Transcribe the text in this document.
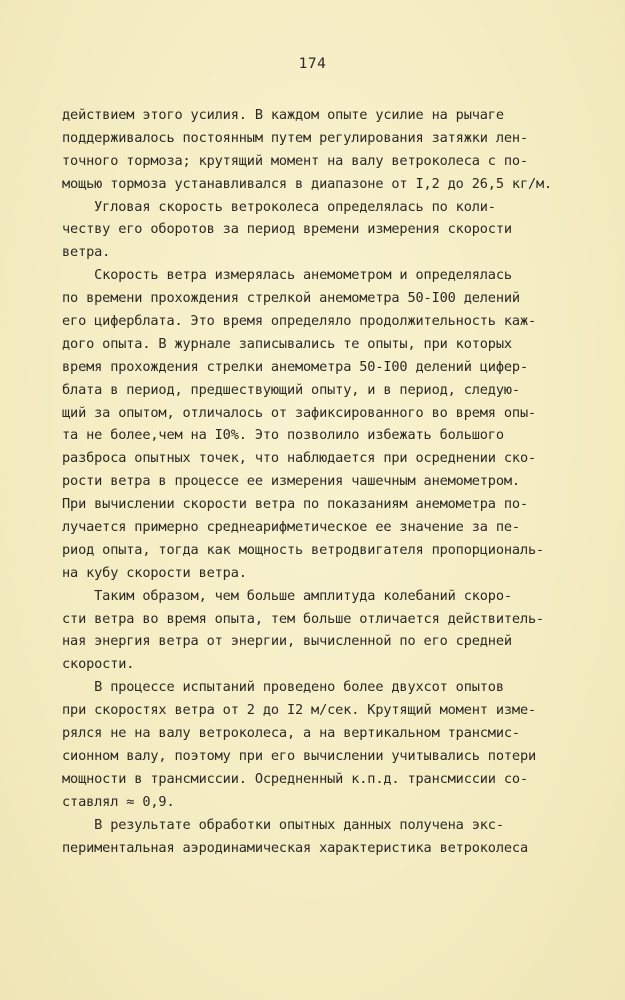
174
действием этого усилия. В каждом опыте усилие на рычаге
поддерживалось постоянным путем регулирования затяжки лен-
точного тормоза; крутящий момент на валу ветроколеса с по-
мощью тормоза устанавливался в диапазоне от I,2 до 26,5 кг/м.
Угловая скорость ветроколеса определялась по коли-
честву его оборотов за период времени измерения скорости
ветра.
Скорость ветра измерялась анемометром и определялась
по времени прохождения стрелкой анемометра 50-I00 делений
его циферблата. Это время определяло продолжительность каж-
дого опыта. В журнале записывались те опыты, при которых
время прохождения стрелки анемометра 50-I00 делений цифер-
блата в период, предшествующий опыту, и в период, следую-
щий за опытом, отличалось от зафиксированного во время опы-
та не более,чем на I0%. Это позволило избежать большого
разброса опытных точек, что наблюдается при осреднении ско-
рости ветра в процессе ее измерения чашечным анемометром.
При вычислении скорости ветра по показаниям анемометра по-
лучается примерно среднеарифметическое ее значение за пе-
риод опыта, тогда как мощность ветродвигателя пропорциональ-
на кубу скорости ветра.
Таким образом, чем больше амплитуда колебаний скоро-
сти ветра во время опыта, тем больше отличается действитель-
ная энергия ветра от энергии, вычисленной по его средней
скорости.
В процессе испытаний проведено более двухсот опытов
при скоростях ветра от 2 до I2 м/сек. Крутящий момент изме-
рялся не на валу ветроколеса, а на вертикальном трансмис-
сионном валу, поэтому при его вычислении учитывались потери
мощности в трансмиссии. Осредненный к.п.д. трансмиссии со-
ставлял ≈ 0,9.
В результате обработки опытных данных получена экс-
периментальная аэродинамическая характеристика ветроколеса
